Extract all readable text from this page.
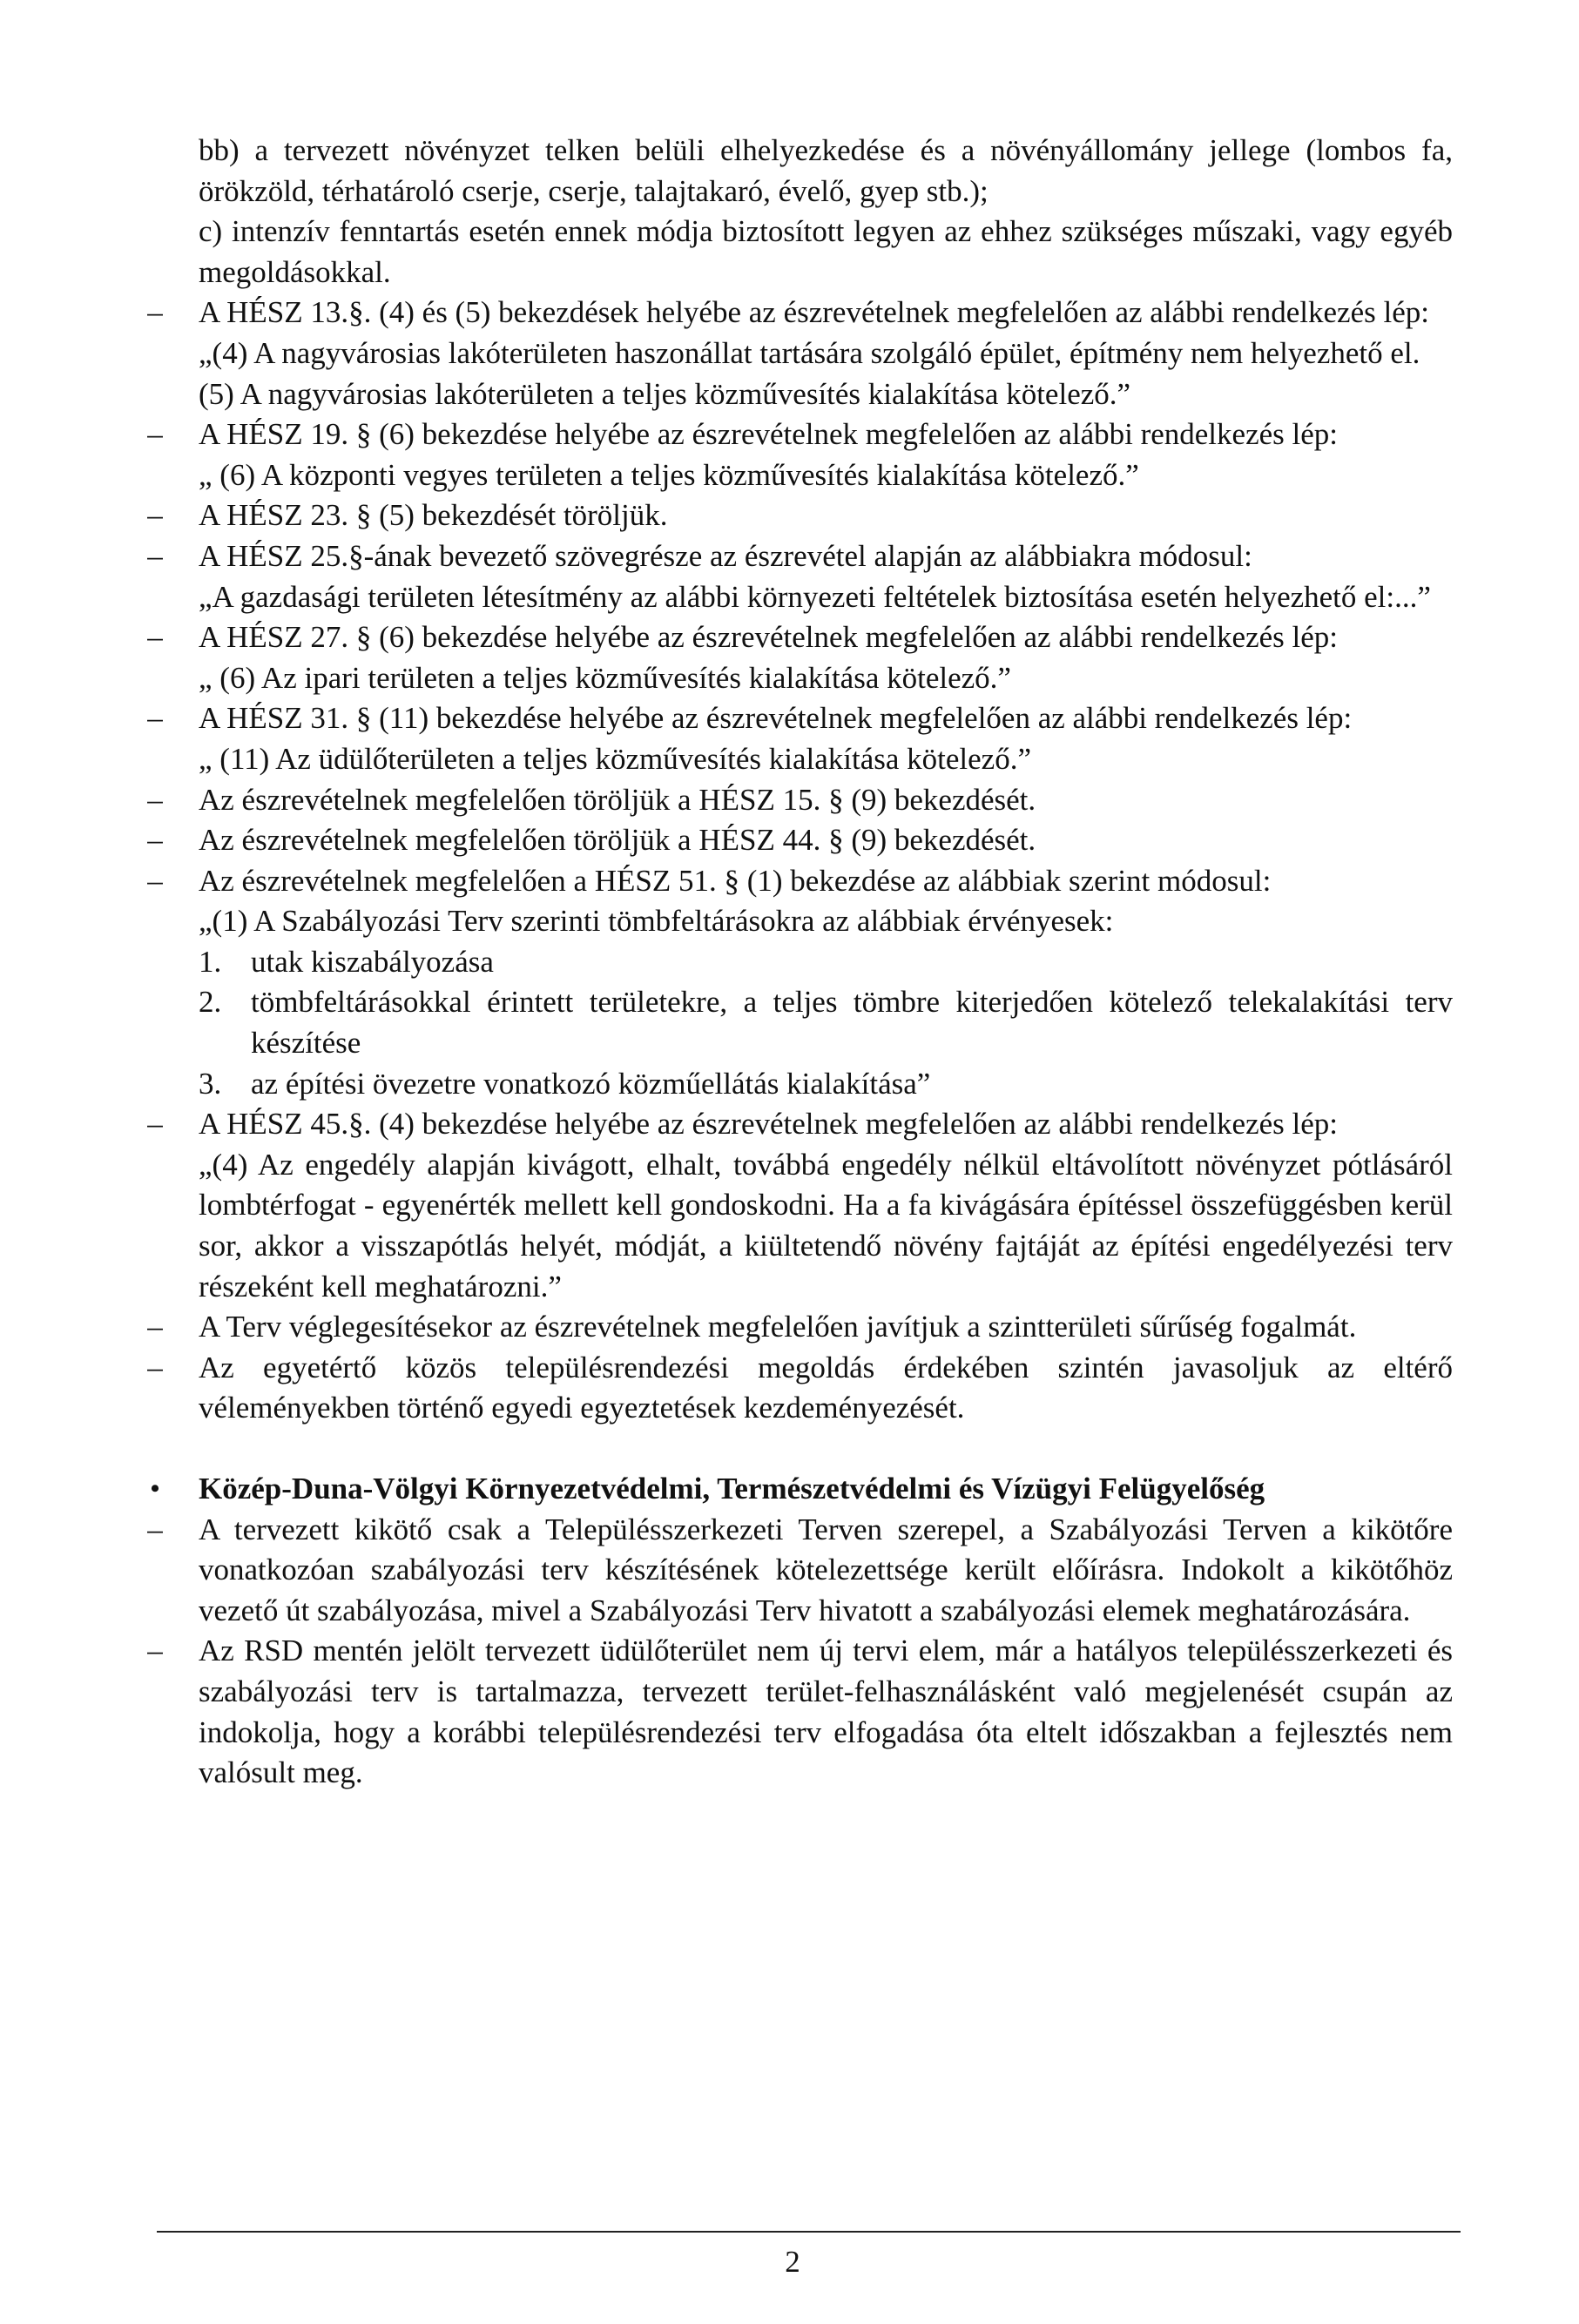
bb) a tervezett növényzet telken belüli elhelyezkedése és a növényállomány jellege (lombos fa, örökzöld, térhatároló cserje, cserje, talajtakaró, évelő, gyep stb.);
c) intenzív fenntartás esetén ennek módja biztosított legyen az ehhez szükséges műszaki, vagy egyéb megoldásokkal.
– A HÉSZ 13.§. (4) és (5) bekezdések helyébe az észrevételnek megfelelően az alábbi rendelkezés lép:
„(4) A nagyvárosias lakóterületen haszonállat tartására szolgáló épület, építmény nem helyezhető el.
(5) A nagyvárosias lakóterületen a teljes közművesítés kialakítása kötelező.”
– A HÉSZ 19. § (6) bekezdése helyébe az észrevételnek megfelelően az alábbi rendelkezés lép:
„ (6) A központi vegyes területen a teljes közművesítés kialakítása kötelező.”
– A HÉSZ 23. § (5) bekezdését töröljük.
– A HÉSZ 25.§-ának bevezető szövegrésze az észrevétel alapján az alábbiakra módosul:
„A gazdasági területen létesítmény az alábbi környezeti feltételek biztosítása esetén helyezhető el:...”
– A HÉSZ 27. § (6) bekezdése helyébe az észrevételnek megfelelően az alábbi rendelkezés lép:
„ (6) Az ipari területen a teljes közművesítés kialakítása kötelező.”
– A HÉSZ 31. § (11) bekezdése helyébe az észrevételnek megfelelően az alábbi rendelkezés lép:
„ (11) Az üdülőterületen a teljes közművesítés kialakítása kötelező.”
– Az észrevételnek megfelelően töröljük a HÉSZ 15. § (9) bekezdését.
– Az észrevételnek megfelelően töröljük a HÉSZ 44. § (9) bekezdését.
– Az észrevételnek megfelelően a HÉSZ 51. § (1) bekezdése az alábbiak szerint módosul:
„(1) A Szabályozási Terv szerinti tömbfeltárásokra az alábbiak érvényesek:
1. utak kiszabályozása
2. tömbfeltárásokkal érintett területekre, a teljes tömbre kiterjedően kötelező telekalakítási terv készítése
3. az építési övezetre vonatkozó közműellátás kialakítása”
– A HÉSZ 45.§. (4) bekezdése helyébe az észrevételnek megfelelően az alábbi rendelkezés lép:
„(4) Az engedély alapján kivágott, elhalt, továbbá engedély nélkül eltávolított növényzet pótlásáról lombtérfogat - egyenérték mellett kell gondoskodni. Ha a fa kivágására építéssel összefüggésben kerül sor, akkor a visszapótlás helyét, módját, a kiültetendő növény fajtáját az építési engedélyezési terv részeként kell meghatározni.”
– A Terv véglegesítésekor az észrevételnek megfelelően javítjuk a szintterületi sűrűség fogalmát.
– Az egyetértő közös településrendezési megoldás érdekében szintén javasoljuk az eltérő véleményekben történő egyedi egyeztetések kezdeményezését.
• Közép-Duna-Völgyi Környezetvédelmi, Természetvédelmi és Vízügyi Felügyelőség
– A tervezett kikötő csak a Településszerkezeti Terven szerepel, a Szabályozási Terven a kikötőre vonatkozóan szabályozási terv készítésének kötelezettsége került előírásra. Indokolt a kikötőhöz vezető út szabályozása, mivel a Szabályozási Terv hivatott a szabályozási elemek meghatározására.
– Az RSD mentén jelölt tervezett üdülőterület nem új tervi elem, már a hatályos településszerkezeti és szabályozási terv is tartalmazza, tervezett terület-felhasználásként való megjelenését csupán az indokolja, hogy a korábbi településrendezési terv elfogadása óta eltelt időszakban a fejlesztés nem valósult meg.
2
